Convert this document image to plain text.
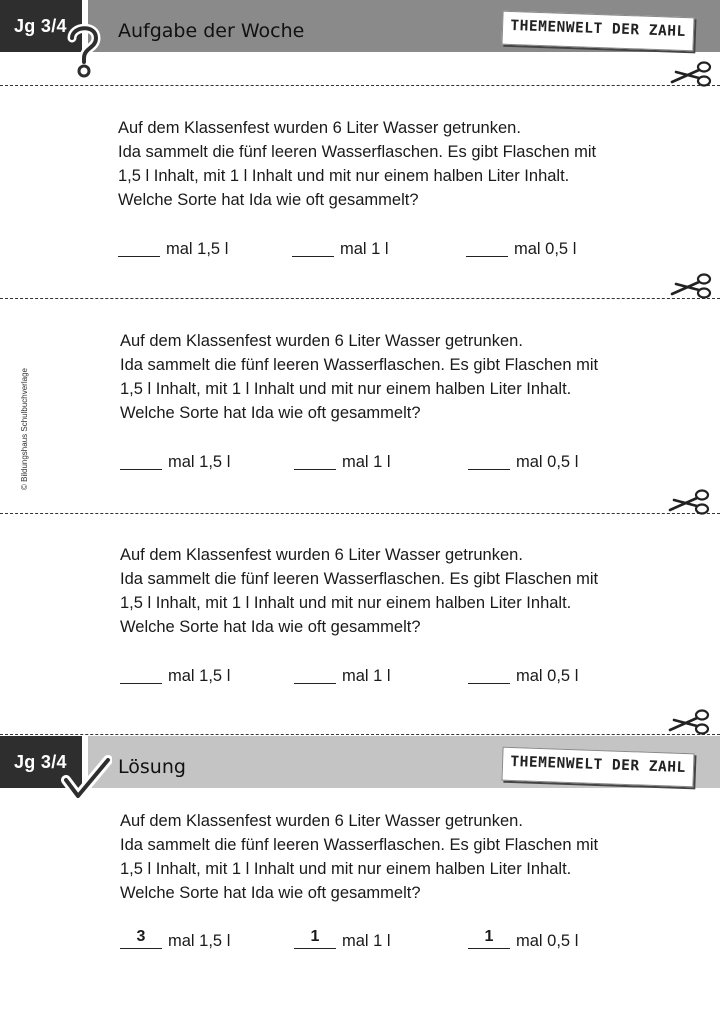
Jg 3/4	Aufgabe der Woche	THEMENWELT DER ZAHL
© Bildungshaus Schulbuchverlage

Auf dem Klassenfest wurden 6 Liter Wasser getrunken.

Ida sammelt die fünf leeren Wasserflaschen. Es gibt Flaschen mit

1,5 l Inhalt, mit 1 l Inhalt und mit nur einem halben Liter Inhalt.

Welche Sorte hat Ida wie oft gesammelt?

mal 1,5 l	mal 1 l	mal 0,5 l

Auf dem Klassenfest wurden 6 Liter Wasser getrunken.

Ida sammelt die fünf leeren Wasserflaschen. Es gibt Flaschen mit

1,5 l Inhalt, mit 1 l Inhalt und mit nur einem halben Liter Inhalt.

Welche Sorte hat Ida wie oft gesammelt?

mal 1,5 l	mal 1 l	mal 0,5 l

Auf dem Klassenfest wurden 6 Liter Wasser getrunken.

Ida sammelt die fünf leeren Wasserflaschen. Es gibt Flaschen mit

1,5 l Inhalt, mit 1 l Inhalt und mit nur einem halben Liter Inhalt.

Welche Sorte hat Ida wie oft gesammelt?

mal 1,5 l	mal 1 l	mal 0,5 l
Jg 3/4	Lösung	THEMENWELT DER ZAHL

Auf dem Klassenfest wurden 6 Liter Wasser getrunken.

Ida sammelt die fünf leeren Wasserflaschen. Es gibt Flaschen mit

1,5 l Inhalt, mit 1 l Inhalt und mit nur einem halben Liter Inhalt.

Welche Sorte hat Ida wie oft gesammelt?

3	mal 1,5 l	1	mal 1 l	1	mal 0,5 l
